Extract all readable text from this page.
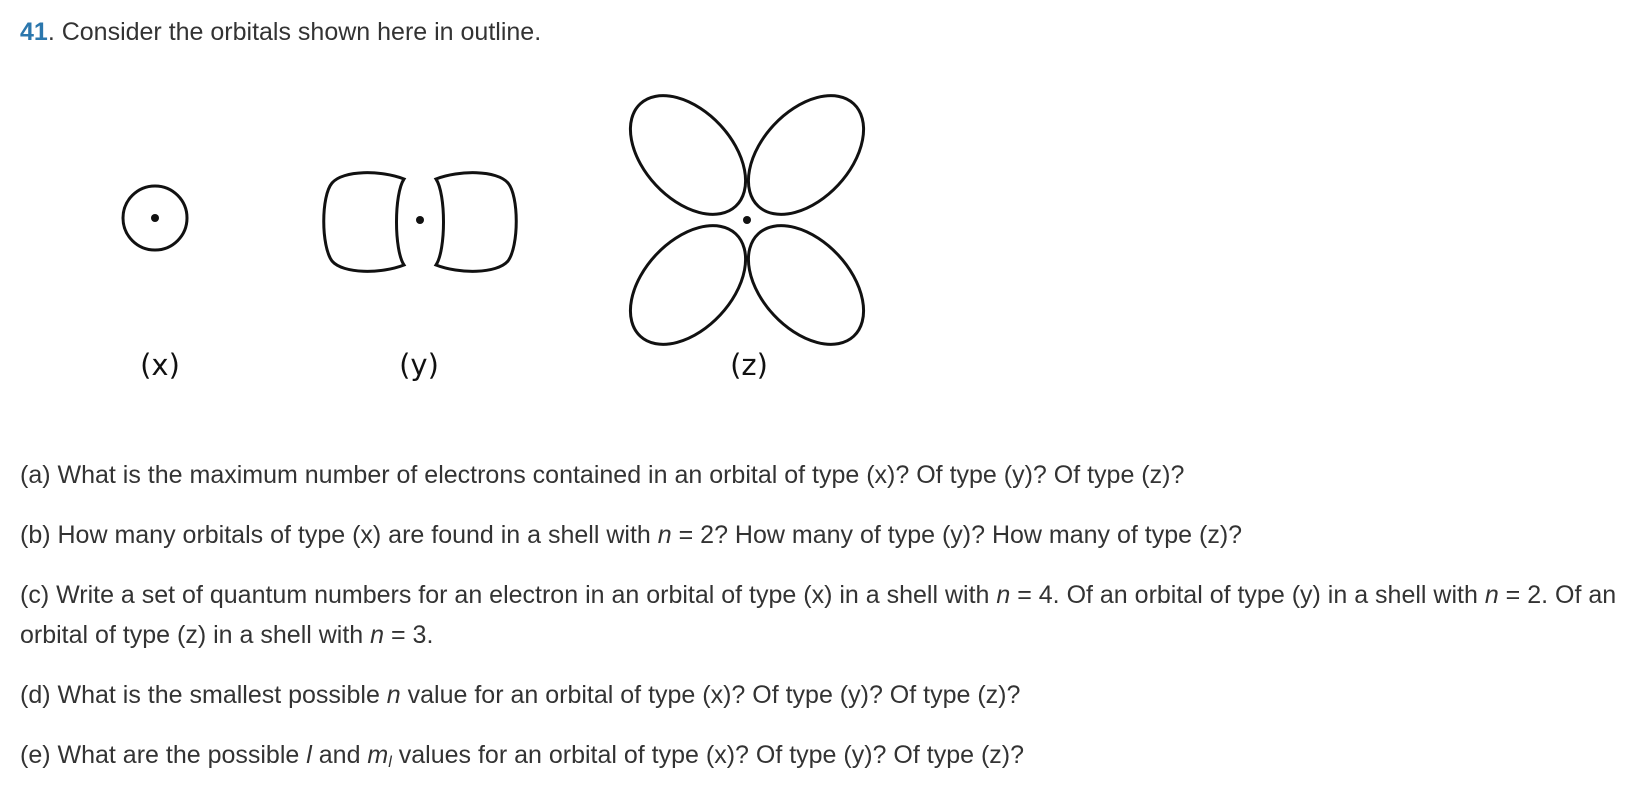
41. Consider the orbitals shown here in outline.
(x)	(y)	(z)

(a) What is the maximum number of electrons contained in an orbital of type (x)? Of type (y)? Of type (z)?

(b) How many orbitals of type (x) are found in a shell with n = 2? How many of type (y)? How many of type (z)?

(c) Write a set of quantum numbers for an electron in an orbital of type (x) in a shell with n = 4. Of an orbital of type (y) in a shell with n = 2. Of an orbital of type (z) in a shell with n = 3.

(d) What is the smallest possible n value for an orbital of type (x)? Of type (y)? Of type (z)?

(e) What are the possible l and $m_l$ values for an orbital of type (x)? Of type (y)? Of type (z)?
